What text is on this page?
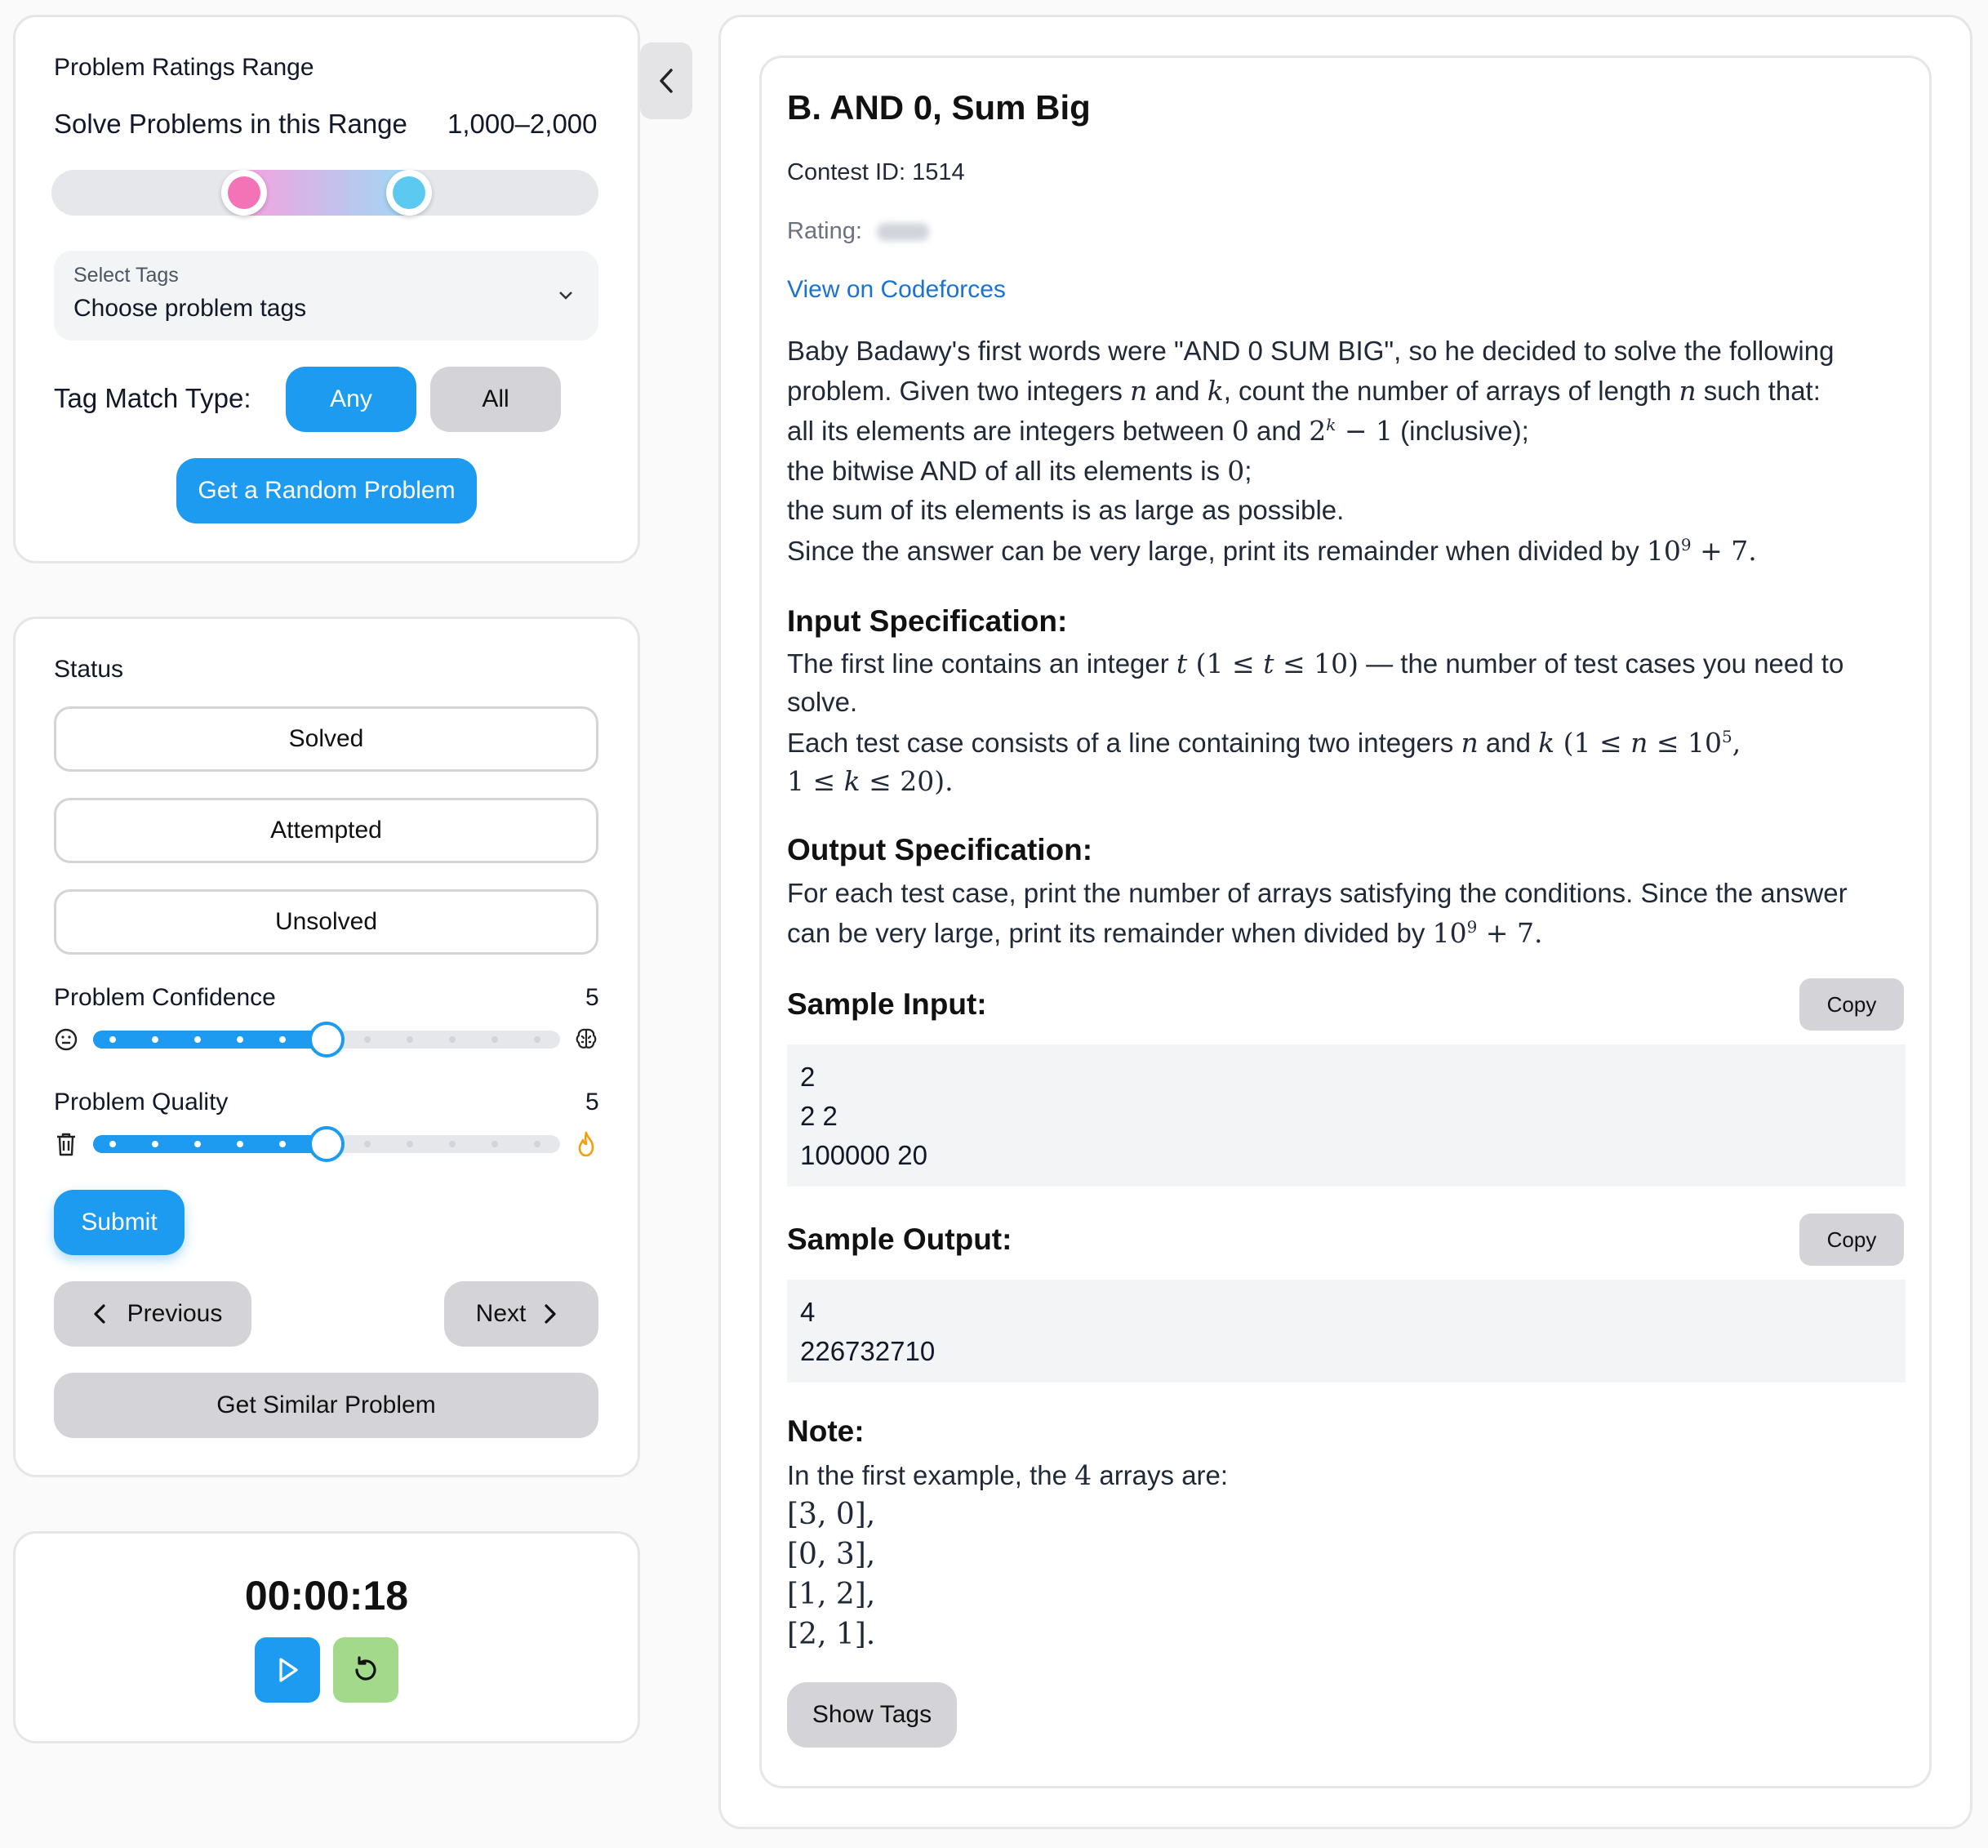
Problem Ratings Range
Solve Problems in this Range 1,000–2,000
Select Tags
Choose problem tags
Tag Match Type:	Any	All
Get a Random Problem
Status
Solved
Attempted
Unsolved
Problem Confidence	5
Problem Quality	5
Submit
Previous	Next
Get Similar Problem
00:00:18
B. AND 0, Sum Big
Contest ID: 1514
Rating:
View on Codeforces
Baby Badawy's first words were "AND 0 SUM BIG", so he decided to solve the following
problem. Given two integers n and k, count the number of arrays of length n such that:
all its elements are integers between 0 and $2^k - 1$ (inclusive);
the bitwise AND of all its elements is 0;
the sum of its elements is as large as possible.
Since the answer can be very large, print its remainder when divided by $10^9 + 7$.
Input Specification:
The first line contains an integer t (1 ≤ t ≤ 10) — the number of test cases you need to
solve.
Each test case consists of a line containing two integers n and k ($1 \le n \le 10^5$,
1 ≤ k ≤ 20).
Output Specification:
For each test case, print the number of arrays satisfying the conditions. Since the answer
can be very large, print its remainder when divided by $10^9 + 7$.
Sample Input:	Copy
2
2 2
100000 20
Sample Output:	Copy
4
226732710
Note:
In the first example, the 4 arrays are:
[3, 0],
[0, 3],
[1, 2],
[2, 1].
Show Tags
